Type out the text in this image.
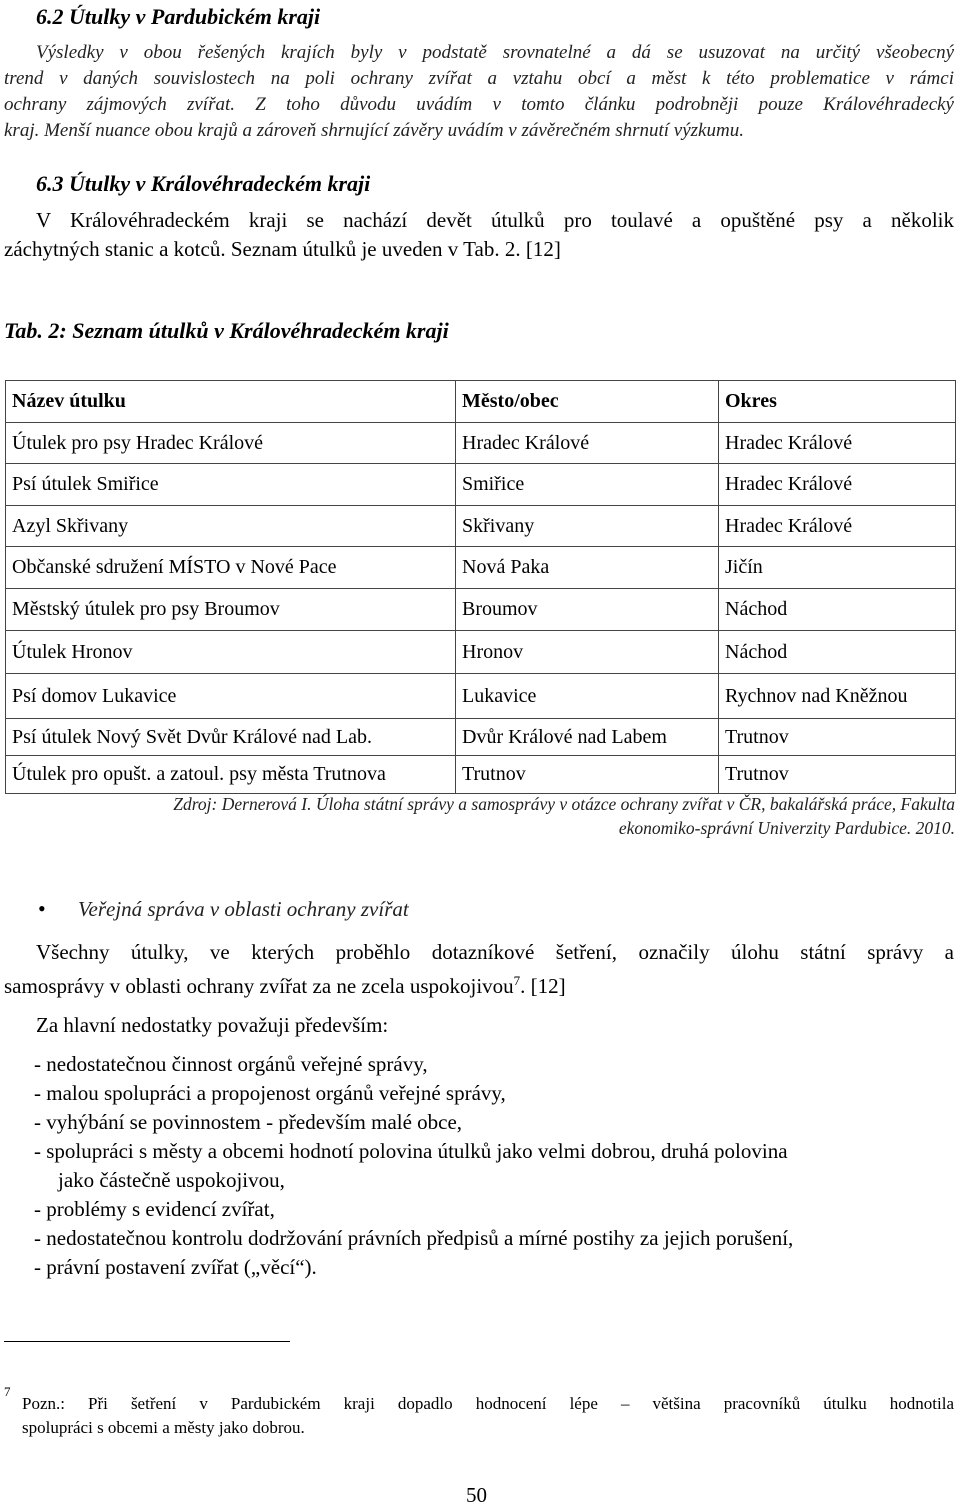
6.2 Útulky v Pardubickém kraji
Výsledky v obou řešených krajích byly v podstatě srovnatelné a dá se usuzovat na určitý všeobecný
trend v daných souvislostech na poli ochrany zvířat a vztahu obcí a měst k této problematice v rámci
ochrany zájmových zvířat. Z toho důvodu uvádím v tomto článku podrobněji pouze Královéhradecký
kraj. Menší nuance obou krajů a zároveň shrnující závěry uvádím v závěrečném shrnutí výzkumu.
6.3 Útulky v Královéhradeckém kraji
V Královéhradeckém kraji se nachází devět útulků pro toulavé a opuštěné psy a několik
záchytných stanic a kotců. Seznam útulků je uveden v Tab. 2. [12]
Tab. 2: Seznam útulků v Královéhradeckém kraji
Název útulku	Město/obec	Okres
Útulek pro psy Hradec Králové	Hradec Králové	Hradec Králové
Psí útulek Smiřice	Smiřice	Hradec Králové
Azyl Skřivany	Skřivany	Hradec Králové
Občanské sdružení MÍSTO v Nové Pace	Nová Paka	Jičín
Městský útulek pro psy Broumov	Broumov	Náchod
Útulek Hronov	Hronov	Náchod
Psí domov Lukavice	Lukavice	Rychnov nad Kněžnou
Psí útulek Nový Svět Dvůr Králové nad Lab.	Dvůr Králové nad Labem	Trutnov
Útulek pro opušt. a zatoul. psy města Trutnova	Trutnov	Trutnov
Zdroj: Dernerová I. Úloha státní správy a samosprávy v otázce ochrany zvířat v ČR, bakalářská práce, Fakulta
ekonomiko-správní Univerzity Pardubice. 2010.
• Veřejná správa v oblasti ochrany zvířat
Všechny útulky, ve kterých proběhlo dotazníkové šetření, označily úlohu státní správy a
samosprávy v oblasti ochrany zvířat za ne zcela uspokojivou$^7$. [12]
Za hlavní nedostatky považuji především:
- nedostatečnou činnost orgánů veřejné správy,
- malou spolupráci a propojenost orgánů veřejné správy,
- vyhýbání se povinnostem - především malé obce,
- spolupráci s městy a obcemi hodnotí polovina útulků jako velmi dobrou, druhá polovina
jako částečně uspokojivou,
- problémy s evidencí zvířat,
- nedostatečnou kontrolu dodržování právních předpisů a mírné postihy za jejich porušení,
- právní postavení zvířat („věcí“).
7
Pozn.: Při šetření v Pardubickém kraji dopadlo hodnocení lépe – většina pracovníků útulku hodnotila
spolupráci s obcemi a městy jako dobrou.
50
